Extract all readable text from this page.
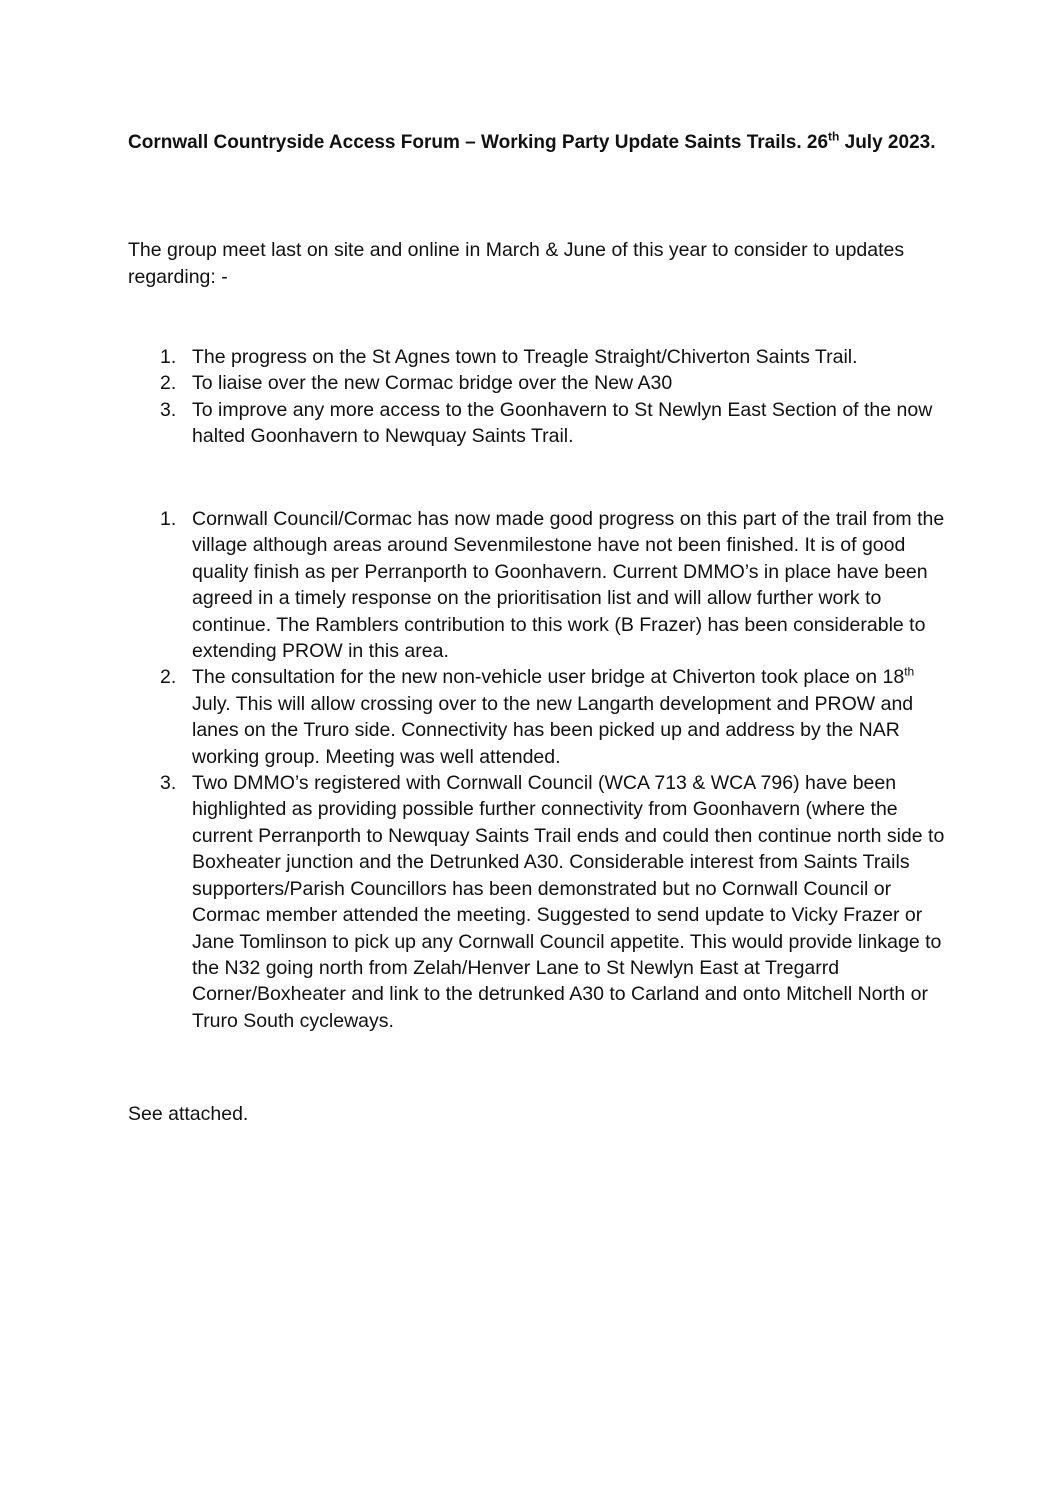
Cornwall Countryside Access Forum – Working Party Update Saints Trails. 26th July 2023.

The group meet last on site and online in March & June of this year to consider to updates regarding: -

1. The progress on the St Agnes town to Treagle Straight/Chiverton Saints Trail.
2. To liaise over the new Cormac bridge over the New A30
3. To improve any more access to the Goonhavern to St Newlyn East Section of the now halted Goonhavern to Newquay Saints Trail.
1. Cornwall Council/Cormac has now made good progress on this part of the trail from the village although areas around Sevenmilestone have not been finished. It is of good quality finish as per Perranporth to Goonhavern. Current DMMO’s in place have been agreed in a timely response on the prioritisation list and will allow further work to continue. The Ramblers contribution to this work (B Frazer) has been considerable to extending PROW in this area.
2. The consultation for the new non-vehicle user bridge at Chiverton took place on 18th July. This will allow crossing over to the new Langarth development and PROW and lanes on the Truro side. Connectivity has been picked up and address by the NAR working group. Meeting was well attended.
3. Two DMMO’s registered with Cornwall Council (WCA 713 & WCA 796) have been highlighted as providing possible further connectivity from Goonhavern (where the current Perranporth to Newquay Saints Trail ends and could then continue north side to Boxheater junction and the Detrunked A30. Considerable interest from Saints Trails supporters/Parish Councillors has been demonstrated but no Cornwall Council or Cormac member attended the meeting. Suggested to send update to Vicky Frazer or Jane Tomlinson to pick up any Cornwall Council appetite. This would provide linkage to the N32 going north from Zelah/Henver Lane to St Newlyn East at Tregarrd Corner/Boxheater and link to the detrunked A30 to Carland and onto Mitchell North or Truro South cycleways.

See attached.
